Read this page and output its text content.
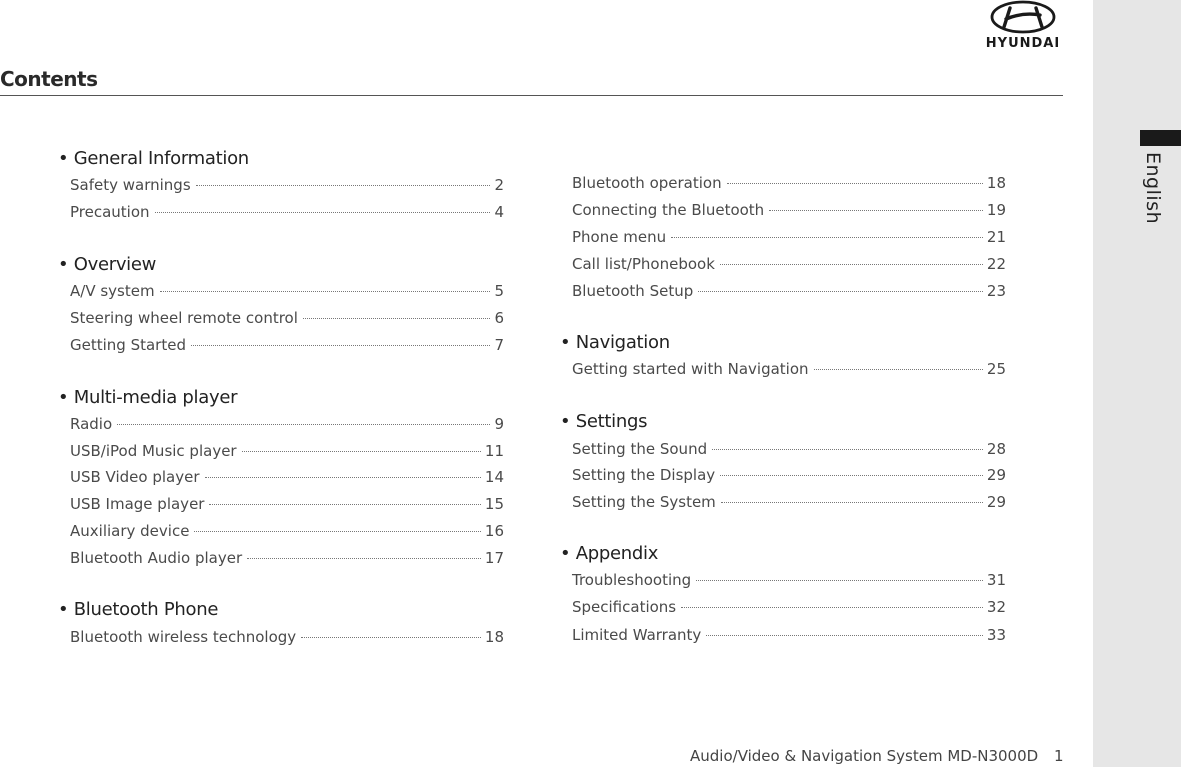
English
HYUNDAI
Contents
• General Information
Safety warnings	2
Precaution	4
• Overview
A/V system	5
Steering wheel remote control	6
Getting Started	7
• Multi-media player
Radio	9
USB/iPod Music player	11
USB Video player	14
USB Image player	15
Auxiliary device	16
Bluetooth Audio player	17
• Bluetooth Phone
Bluetooth wireless technology	18
Bluetooth operation	18
Connecting the Bluetooth	19
Phone menu	21
Call list/Phonebook	22
Bluetooth Setup	23
• Navigation
Getting started with Navigation	25
• Settings
Setting the Sound	28
Setting the Display	29
Setting the System	29
• Appendix
Troubleshooting	31
Specifications	32
Limited Warranty	33
Audio/Video & Navigation System MD-N3000D 1
